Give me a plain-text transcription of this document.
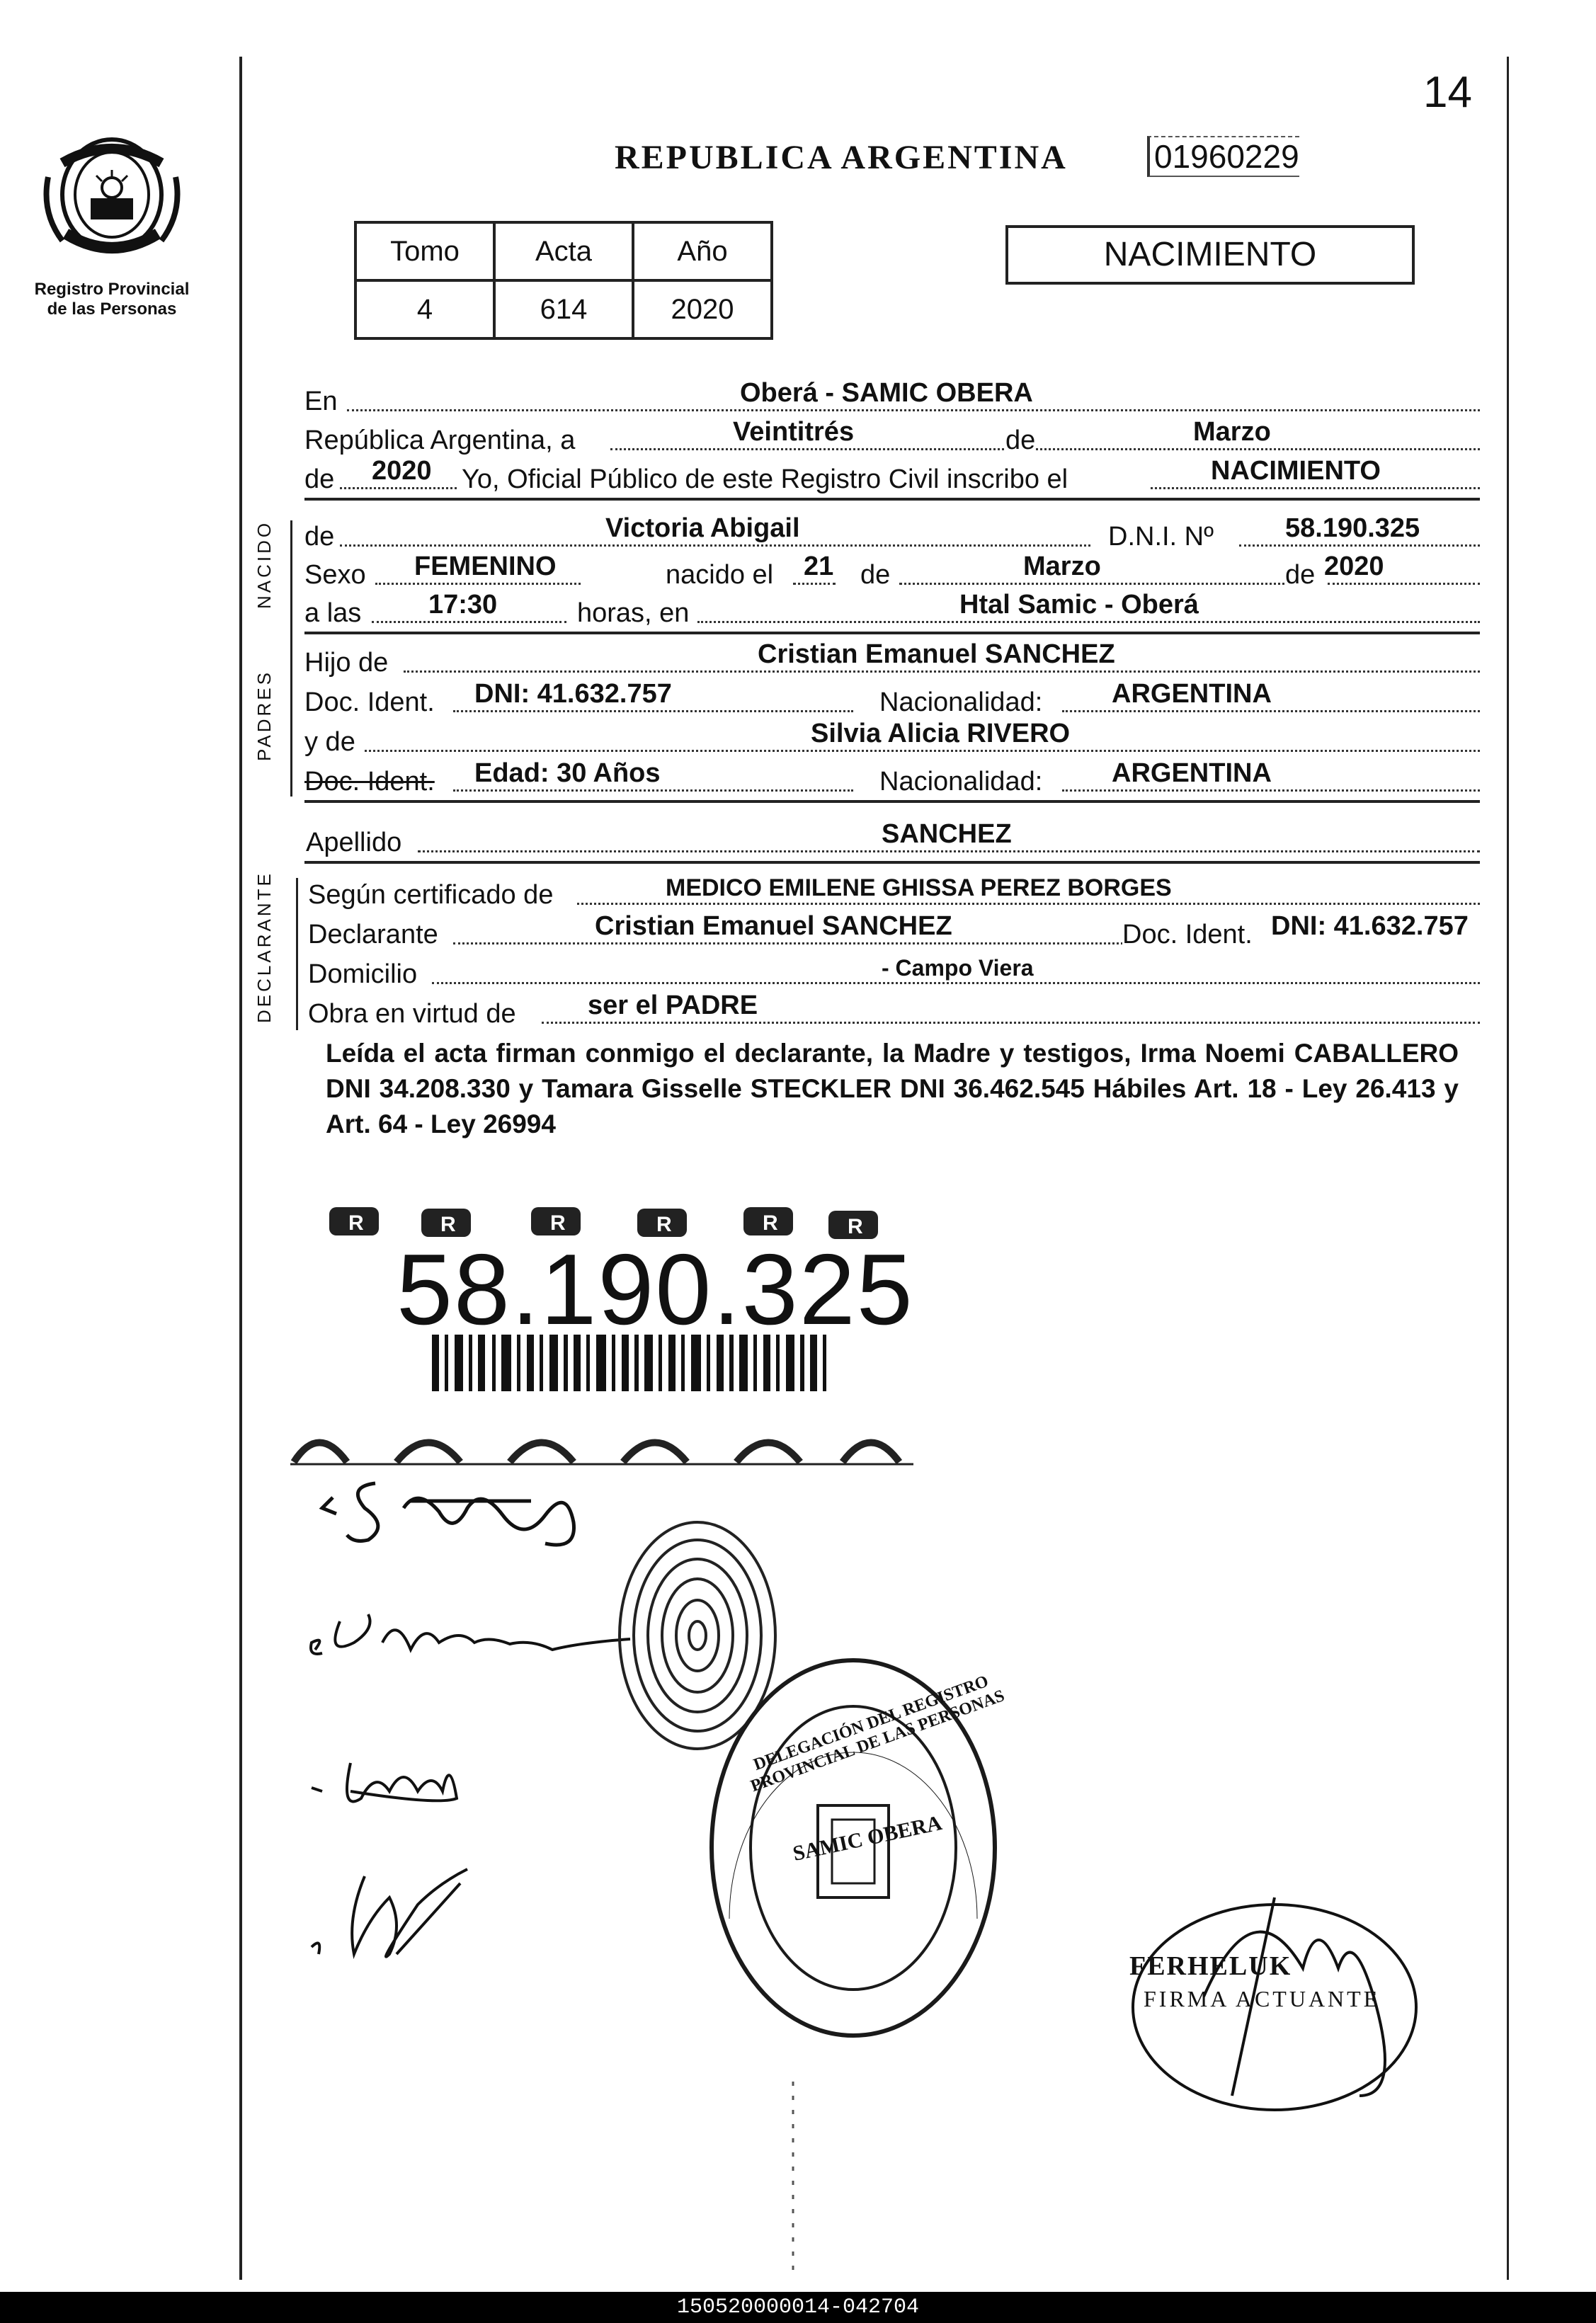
Registro Provincial
de las Personas
14
REPUBLICA ARGENTINA	01960229
Tomo	Acta	Año
4	614	2020
NACIMIENTO
En	Oberá - SAMIC OBERA
República Argentina, a	Veintitrés	de	Marzo
de 2020 Yo, Oficial Público de este Registro Civil inscribo el	NACIMIENTO
NACIDO de	Victoria Abigail	D.N.I. Nº	58.190.325
Sexo FEMENINO	nacido el 21 de	Marzo	de 2020
a las 17:30	horas, en	Htal Samic - Oberá
PADRES
Hijo de	Cristian Emanuel SANCHEZ
Doc. Ident. DNI: 41.632.757	Nacionalidad:	ARGENTINA
y de	Silvia Alicia RIVERO
Doc. Ident. Edad: 30 Años	Nacionalidad:	ARGENTINA
Apellido	SANCHEZ
DECLARANTE Según certificado de	MEDICO EMILENE GHISSA PEREZ BORGES
Declarante	Cristian Emanuel SANCHEZ	Doc. Ident. DNI: 41.632.757
Domicilio	- Campo Viera
Obra en virtud de	ser el PADRE
Leída el acta firman conmigo el declarante, la Madre y testigos, Irma Noemi CABALLERO DNI 34.208.330 y Tamara Gisselle STECKLER DNI 36.462.545 Hábiles Art. 18 - Ley 26.413 y Art. 64 - Ley 26994
R	R	R	R	R	R
58.190.325
SAMIC OBERA
DELEGACIÓN DEL REGISTRO PROVINCIAL DE LAS PERSONAS
FERHELUK
FIRMA ACTUANTE
150520000014-042704
